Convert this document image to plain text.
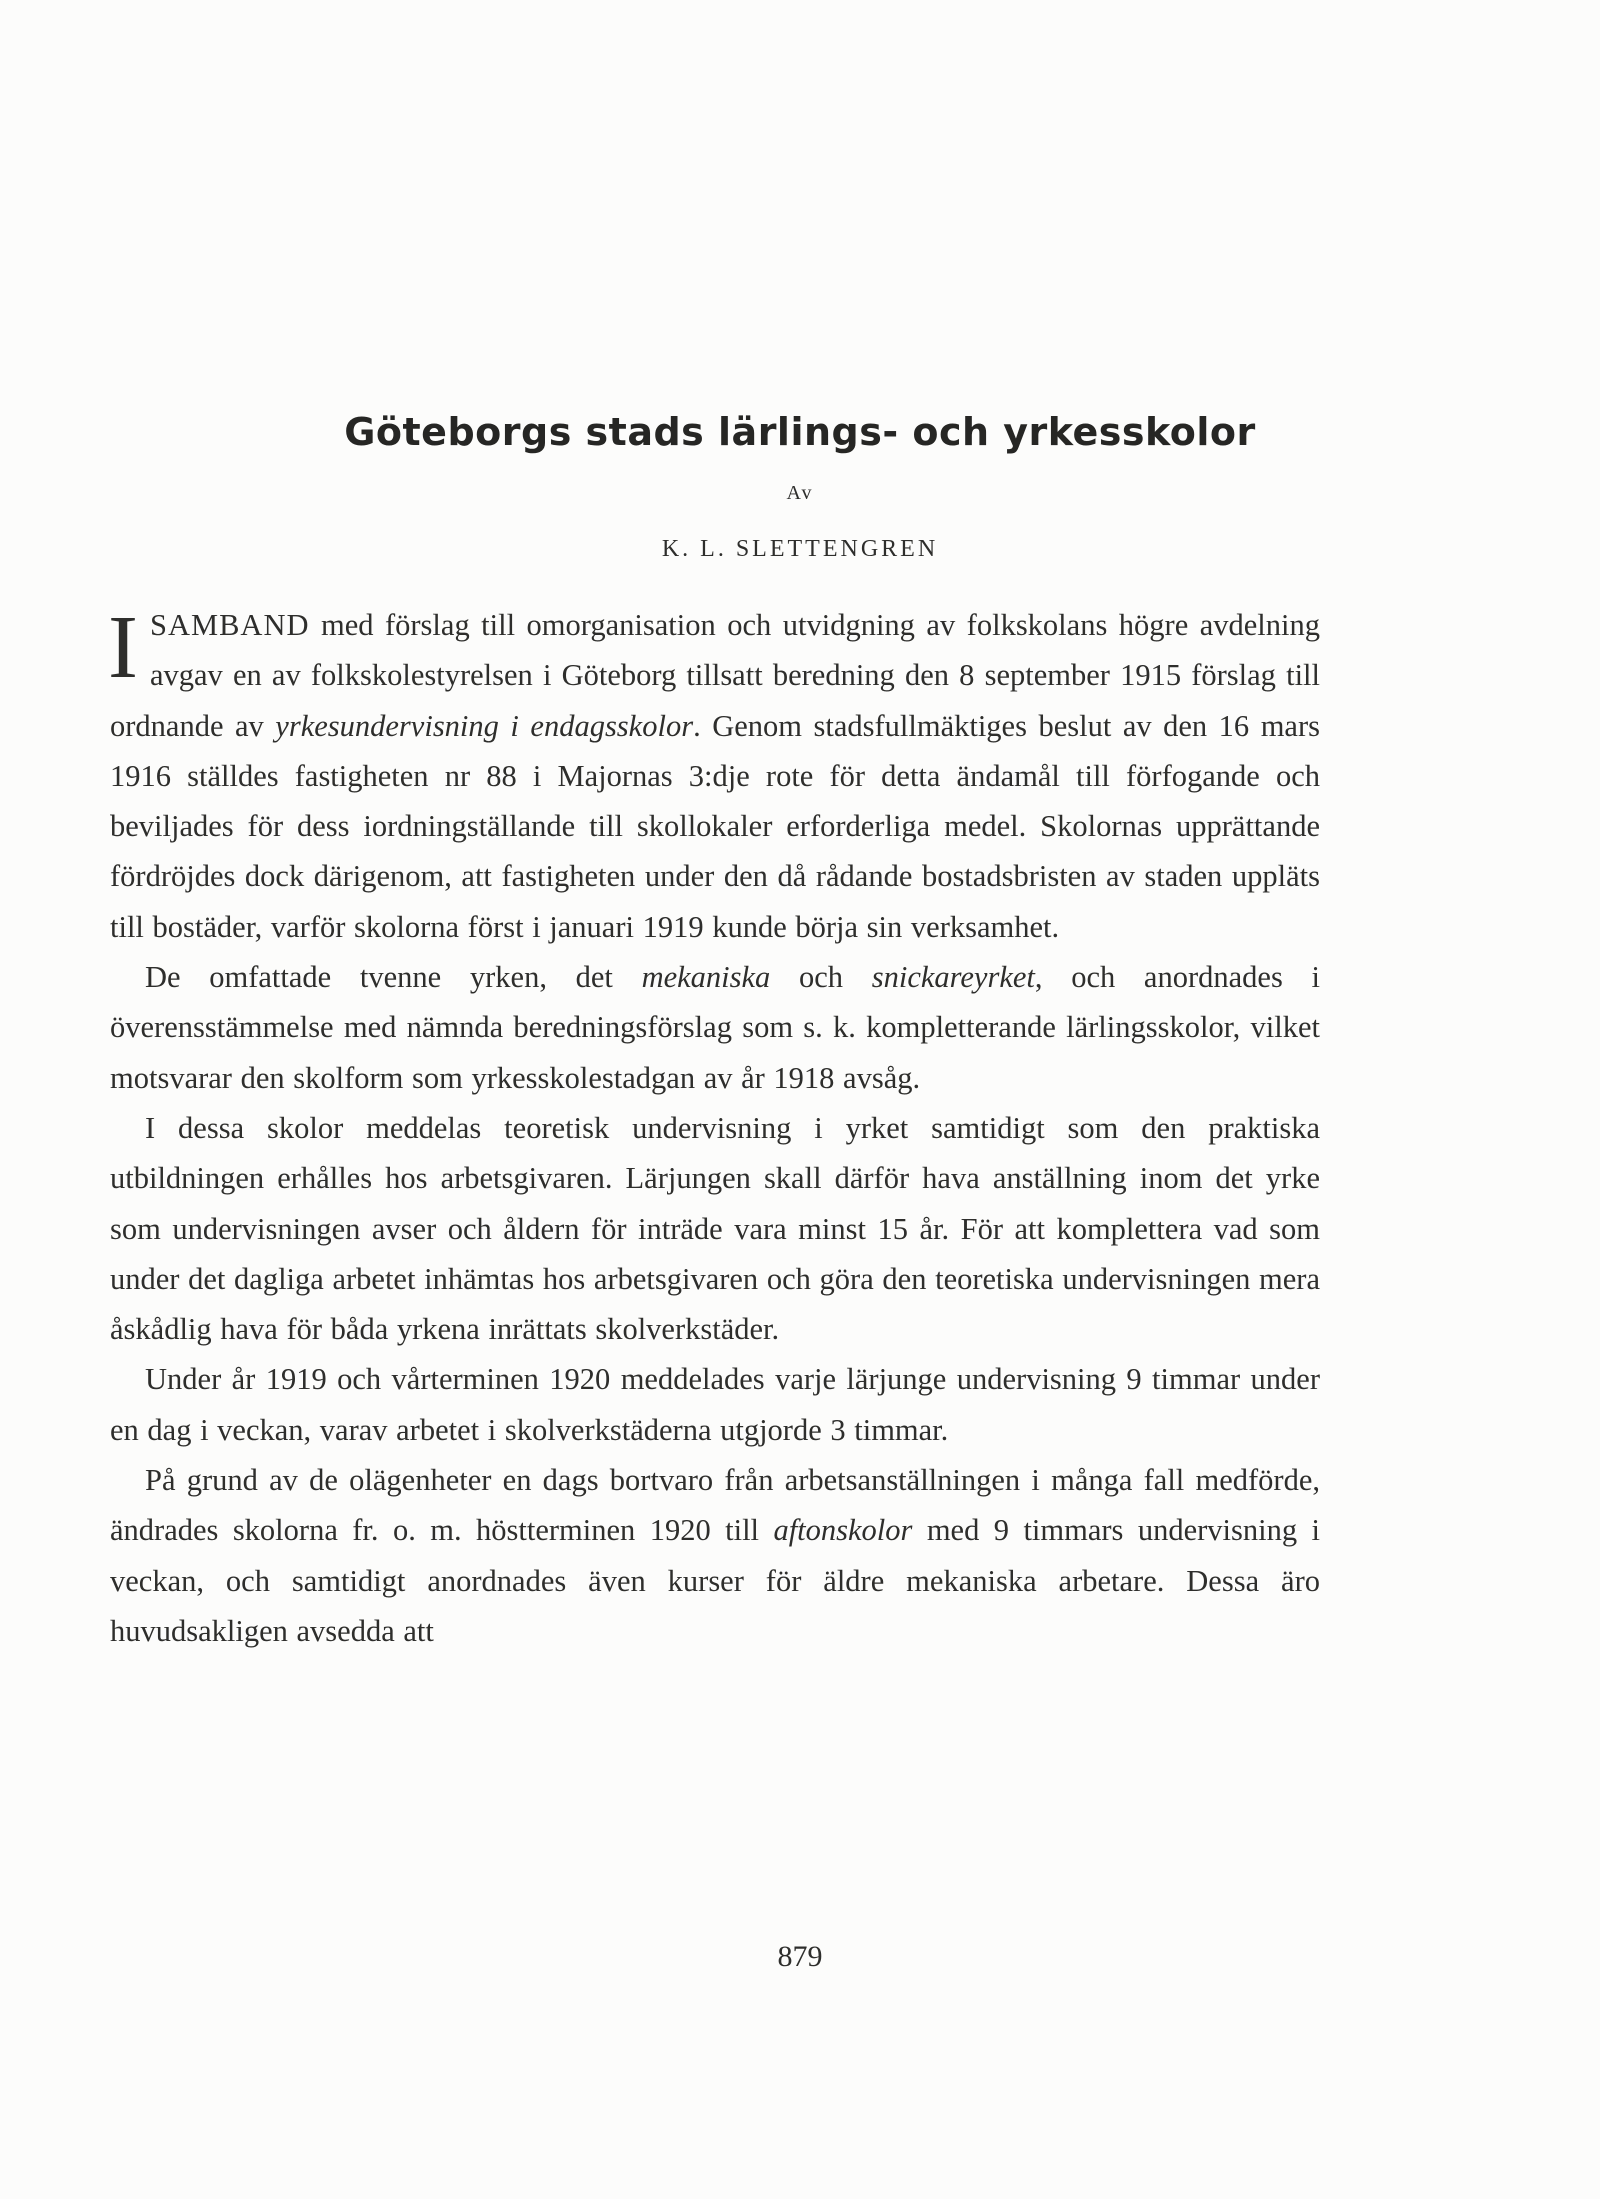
Göteborgs stads lärlings- och yrkesskolor

Av

K. L. SLETTENGREN

ISAMBAND med förslag till omorganisation och utvidgning av folkskolans högre avdelning avgav en av folkskolestyrelsen i Göteborg tillsatt beredning den 8 september 1915 förslag till ordnande av yrkesundervisning i endagsskolor. Genom stadsfullmäktiges beslut av den 16 mars 1916 ställdes fastigheten nr 88 i Majornas 3:dje rote för detta ändamål till förfogande och beviljades för dess iordningställande till skollokaler erforderliga medel. Skolornas upprättande fördröjdes dock därigenom, att fastigheten under den då rådande bostadsbristen av staden uppläts till bostäder, varför skolorna först i januari 1919 kunde börja sin verksamhet.

De omfattade tvenne yrken, det mekaniska och snickareyrket, och anordnades i överensstämmelse med nämnda beredningsförslag som s. k. kompletterande lärlingsskolor, vilket motsvarar den skolform som yrkesskolestadgan av år 1918 avsåg.

I dessa skolor meddelas teoretisk undervisning i yrket samtidigt som den praktiska utbildningen erhålles hos arbetsgivaren. Lärjungen skall därför hava anställning inom det yrke som undervisningen avser och åldern för inträde vara minst 15 år. För att komplettera vad som under det dagliga arbetet inhämtas hos arbetsgivaren och göra den teoretiska undervisningen mera åskådlig hava för båda yrkena inrättats skolverkstäder.

Under år 1919 och vårterminen 1920 meddelades varje lärjunge undervisning 9 timmar under en dag i veckan, varav arbetet i skolverkstäderna utgjorde 3 timmar.

På grund av de olägenheter en dags bortvaro från arbetsanställningen i många fall medförde, ändrades skolorna fr. o. m. höstterminen 1920 till aftonskolor med 9 timmars undervisning i veckan, och samtidigt anordnades även kurser för äldre mekaniska arbetare. Dessa äro huvudsakligen avsedda att

879
